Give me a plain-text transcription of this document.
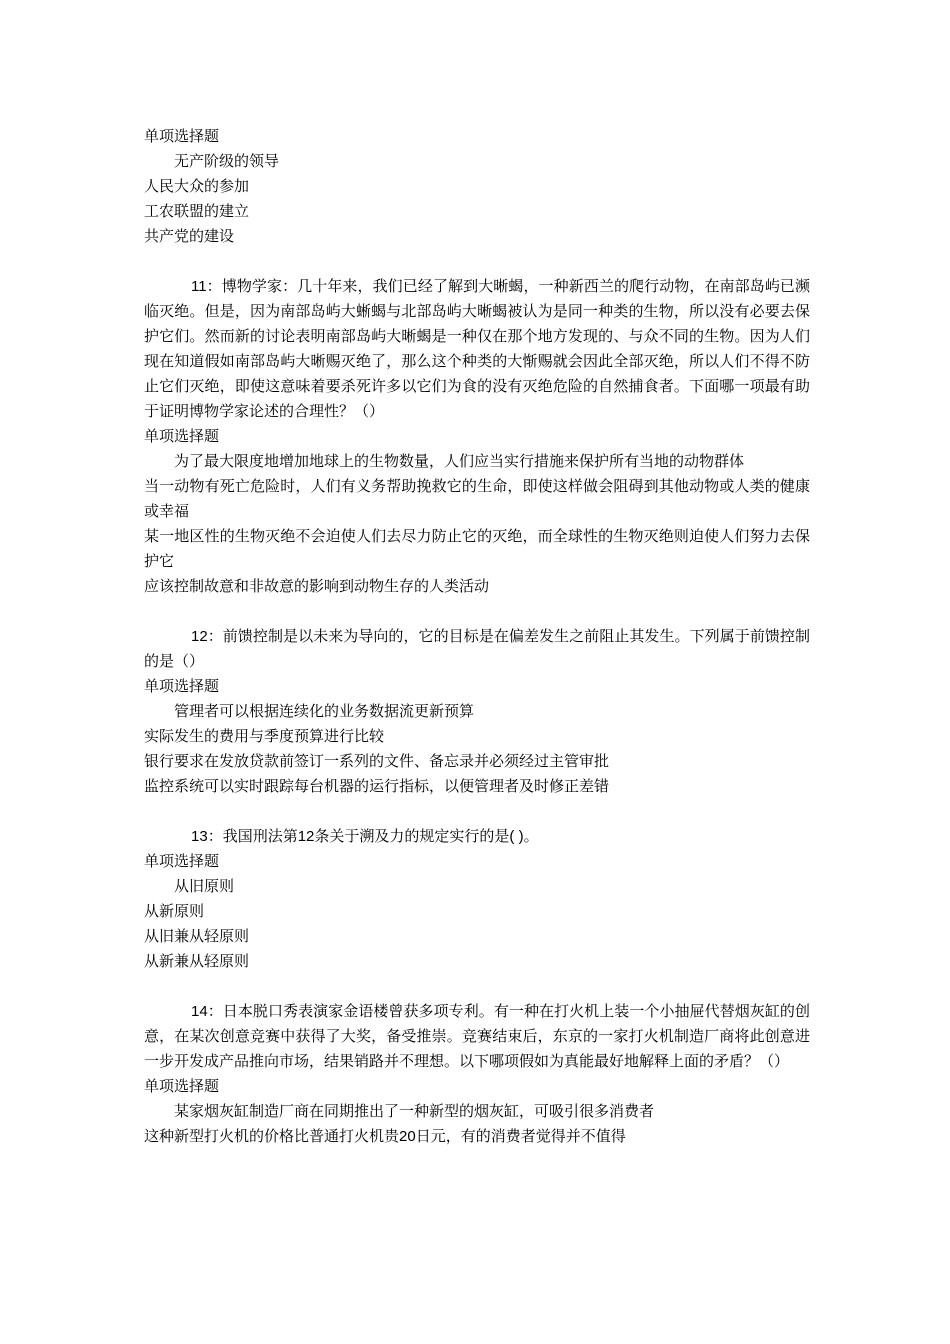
单项选择题
无产阶级的领导
人民大众的参加
工农联盟的建立
共产党的建设
11：博物学家：几十年来，我们已经了解到大晰蝎，一种新西兰的爬行动物，在南部岛屿已濒临灭绝。但是，因为南部岛屿大蜥蝎与北部岛屿大晰蝎被认为是同一种类的生物，所以没有必要去保护它们。然而新的讨论表明南部岛屿大晰蝎是一种仅在那个地方发现的、与众不同的生物。因为人们现在知道假如南部岛屿大晰赐灭绝了，那么这个种类的大惭赐就会因此全部灭绝，所以人们不得不防止它们灭绝，即使这意味着要杀死许多以它们为食的没有灭绝危险的自然捕食者。下面哪一项最有助于证明博物学家论述的合理性？（）
单项选择题
为了最大限度地增加地球上的生物数量，人们应当实行措施来保护所有当地的动物群体
当一动物有死亡危险时，人们有义务帮助挽救它的生命，即使这样做会阻碍到其他动物或人类的健康或幸福
某一地区性的生物灭绝不会迫使人们去尽力防止它的灭绝，而全球性的生物灭绝则迫使人们努力去保护它
应该控制故意和非故意的影响到动物生存的人类活动
12：前馈控制是以未来为导向的，它的目标是在偏差发生之前阻止其发生。下列属于前馈控制的是（）
单项选择题
管理者可以根据连续化的业务数据流更新预算
实际发生的费用与季度预算进行比较
银行要求在发放贷款前签订一系列的文件、备忘录并必须经过主管审批
监控系统可以实时跟踪每台机器的运行指标，以便管理者及时修正差错
13：我国刑法第12条关于溯及力的规定实行的是( )。
单项选择题
从旧原则
从新原则
从旧兼从轻原则
从新兼从轻原则
14：日本脱口秀表演家金语楼曾获多项专利。有一种在打火机上装一个小抽屉代替烟灰缸的创意，在某次创意竞赛中获得了大奖，备受推崇。竞赛结束后，东京的一家打火机制造厂商将此创意进一步开发成产品推向市场，结果销路并不理想。以下哪项假如为真能最好地解释上面的矛盾？（）
单项选择题
某家烟灰缸制造厂商在同期推出了一种新型的烟灰缸，可吸引很多消费者
这种新型打火机的价格比普通打火机贵20日元，有的消费者觉得并不值得
